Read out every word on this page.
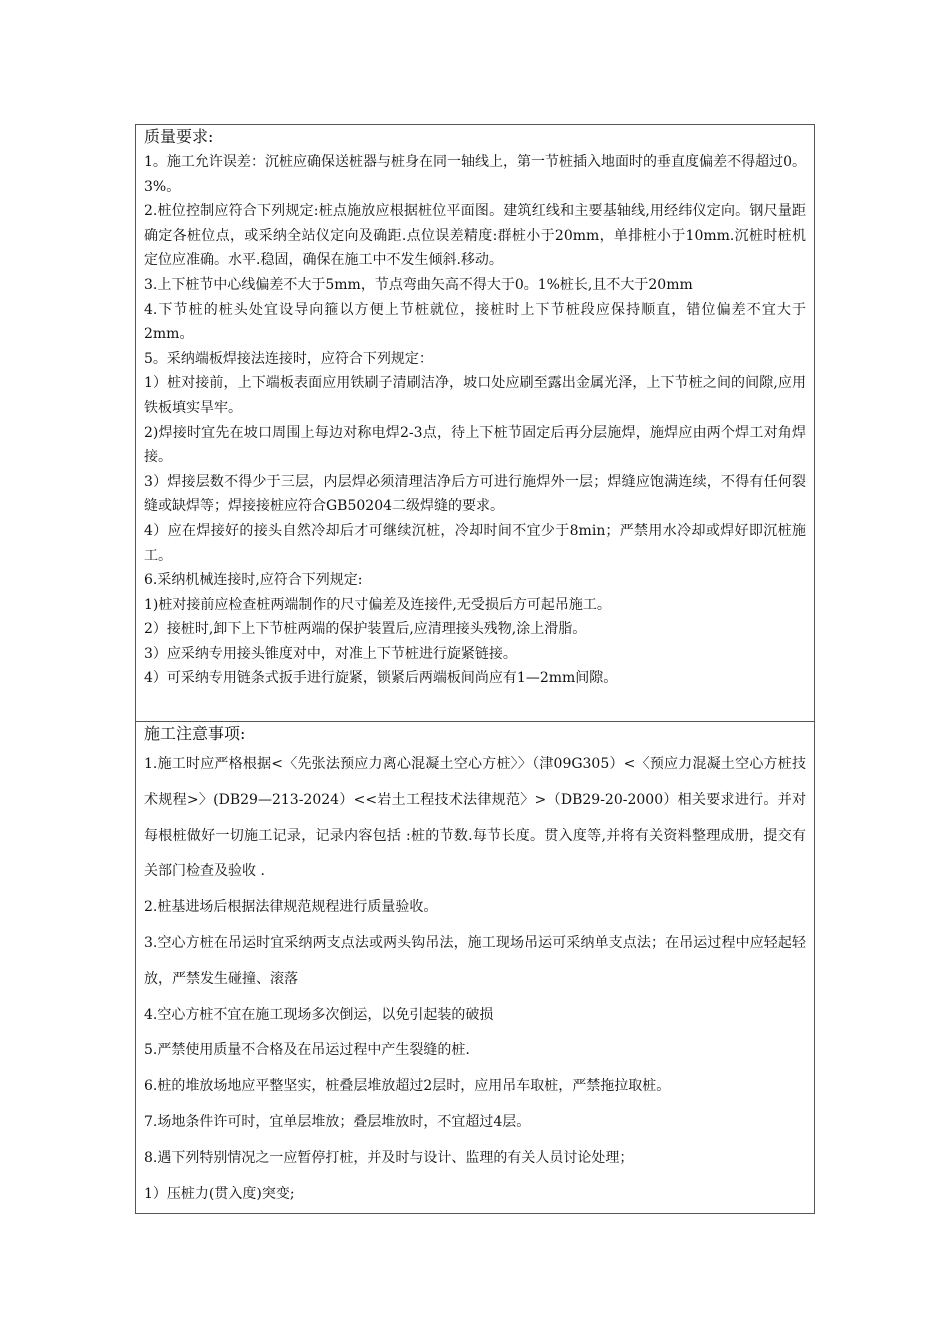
质量要求:

1。施工允许误差：沉桩应确保送桩器与桩身在同一轴线上，第一节桩插入地面时的垂直度偏差不得超过0。3%。

2.桩位控制应符合下列规定:桩点施放应根据桩位平面图。建筑红线和主要基轴线,用经纬仪定向。钢尺量距确定各桩位点，或采纳全站仪定向及确距.点位误差精度:群桩小于20mm，单排桩小于10mm.沉桩时桩机定位应准确。水平.稳固，确保在施工中不发生倾斜.移动。

3.上下桩节中心线偏差不大于5mm，节点弯曲矢高不得大于0。1%桩长,且不大于20mm

4.下节桩的桩头处宜设导向箍以方便上节桩就位，接桩时上下节桩段应保持顺直，错位偏差不宜大于2mm。

5。采纳端板焊接法连接时，应符合下列规定：

1）桩对接前，上下端板表面应用铁刷子清刷洁净，坡口处应刷至露出金属光泽，上下节桩之间的间隙,应用铁板填实旱牢。

2)焊接时宜先在坡口周围上每边对称电焊2-3点，待上下桩节固定后再分层施焊，施焊应由两个焊工对角焊接。

3）焊接层数不得少于三层，内层焊必须清理洁净后方可进行施焊外一层；焊缝应饱满连续，不得有任何裂缝或缺焊等；焊接接桩应符合GB50204二级焊缝的要求。

4）应在焊接好的接头自然冷却后才可继续沉桩，冷却时间不宜少于8min；严禁用水冷却或焊好即沉桩施工。

6.采纳机械连接时,应符合下列规定:

1)桩对接前应检查桩两端制作的尺寸偏差及连接件,无受损后方可起吊施工。

2）接桩时,卸下上下节桩两端的保护装置后,应清理接头残物,涂上滑脂。

3）应采纳专用接头锥度对中，对准上下节桩进行旋紧链接。

4）可采纳专用链条式扳手进行旋紧，锁紧后两端板间尚应有1—2mm间隙。

施工注意事项:

1.施工时应严格根据<〈先张法预应力离心混凝土空心方桩〉〉（津09G305）<〈预应力混凝土空心方桩技术规程>〉(DB29—213-2024）<<岩土工程技术法律规范〉>（DB29-20-2000）相关要求进行。并对每根桩做好一切施工记录，记录内容包括 :桩的节数.每节长度。贯入度等,并将有关资料整理成册，提交有关部门检查及验收 .

2.桩基进场后根据法律规范规程进行质量验收。

3.空心方桩在吊运时宜采纳两支点法或两头钩吊法，施工现场吊运可采纳单支点法；在吊运过程中应轻起轻放，严禁发生碰撞、滚落

4.空心方桩不宜在施工现场多次倒运，以免引起装的破损

5.严禁使用质量不合格及在吊运过程中产生裂缝的桩.

6.桩的堆放场地应平整坚实，桩叠层堆放超过2层时，应用吊车取桩，严禁拖拉取桩。

7.场地条件许可时，宜单层堆放；叠层堆放时，不宜超过4层。

8.遇下列特别情况之一应暂停打桩，并及时与设计、监理的有关人员讨论处理；

1）压桩力(贯入度)突变;
